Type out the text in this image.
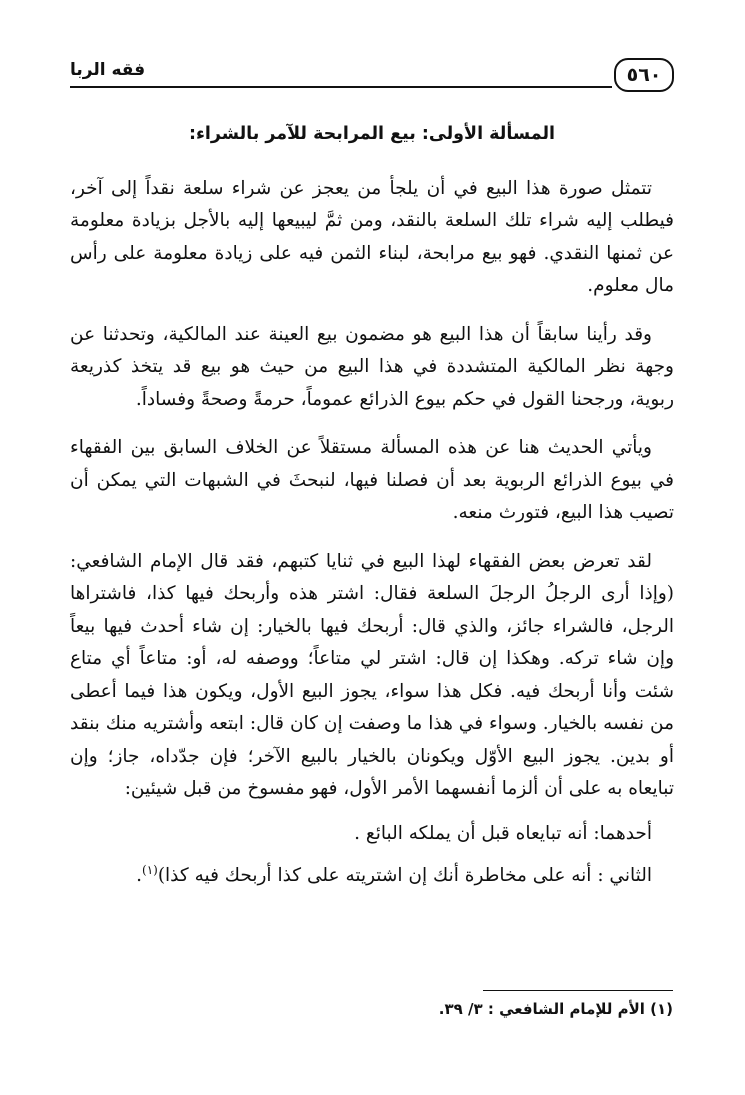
٥٦٠
فقه الربا
المسألة الأولى: بيع المرابحة للآمر بالشراء:

تتمثل صورة هذا البيع في أن يلجأ من يعجز عن شراء سلعة نقداً إلى آخر، فيطلب إليه شراء تلك السلعة بالنقد، ومن ثمَّ ليبيعها إليه بالأجل بزيادة معلومة عن ثمنها النقدي. فهو بيع مرابحة، لبناء الثمن فيه على زيادة معلومة على رأس مال معلوم.

وقد رأينا سابقاً أن هذا البيع هو مضمون بيع العينة عند المالكية، وتحدثنا عن وجهة نظر المالكية المتشددة في هذا البيع من حيث هو بيع قد يتخذ كذريعة ربوية، ورجحنا القول في حكم بيوع الذرائع عموماً، حرمةً وصحةً وفساداً.

ويأتي الحديث هنا عن هذه المسألة مستقلاً عن الخلاف السابق بين الفقهاء في بيوع الذرائع الربوية بعد أن فصلنا فيها، لنبحثَ في الشبهات التي يمكن أن تصيب هذا البيع، فتورث منعه.

لقد تعرض بعض الفقهاء لهذا البيع في ثنايا كتبهم، فقد قال الإمام الشافعي: (وإذا أرى الرجلُ الرجلَ السلعة فقال: اشتر هذه وأربحك فيها كذا، فاشتراها الرجل، فالشراء جائز، والذي قال: أربحك فيها بالخيار: إن شاء أحدث فيها بيعاً وإن شاء تركه. وهكذا إن قال: اشتر لي متاعاً؛ ووصفه له، أو: متاعاً أي متاع شئت وأنا أربحك فيه. فكل هذا سواء، يجوز البيع الأول، ويكون هذا فيما أعطى من نفسه بالخيار. وسواء في هذا ما وصفت إن كان قال: ابتعه وأشتريه منك بنقد أو بدين. يجوز البيع الأوّل ويكونان بالخيار بالبيع الآخر؛ فإن جدّداه، جاز؛ وإن تبايعاه به على أن ألزما أنفسهما الأمر الأول، فهو مفسوخ من قبل شيئين:

أحدهما: أنه تبايعاه قبل أن يملكه البائع .

الثاني : أنه على مخاطرة أنك إن اشتريته على كذا أربحك فيه كذا)$^{(١)}$.

(١) الأم للإمام الشافعي : ٣/ ٣٩.
